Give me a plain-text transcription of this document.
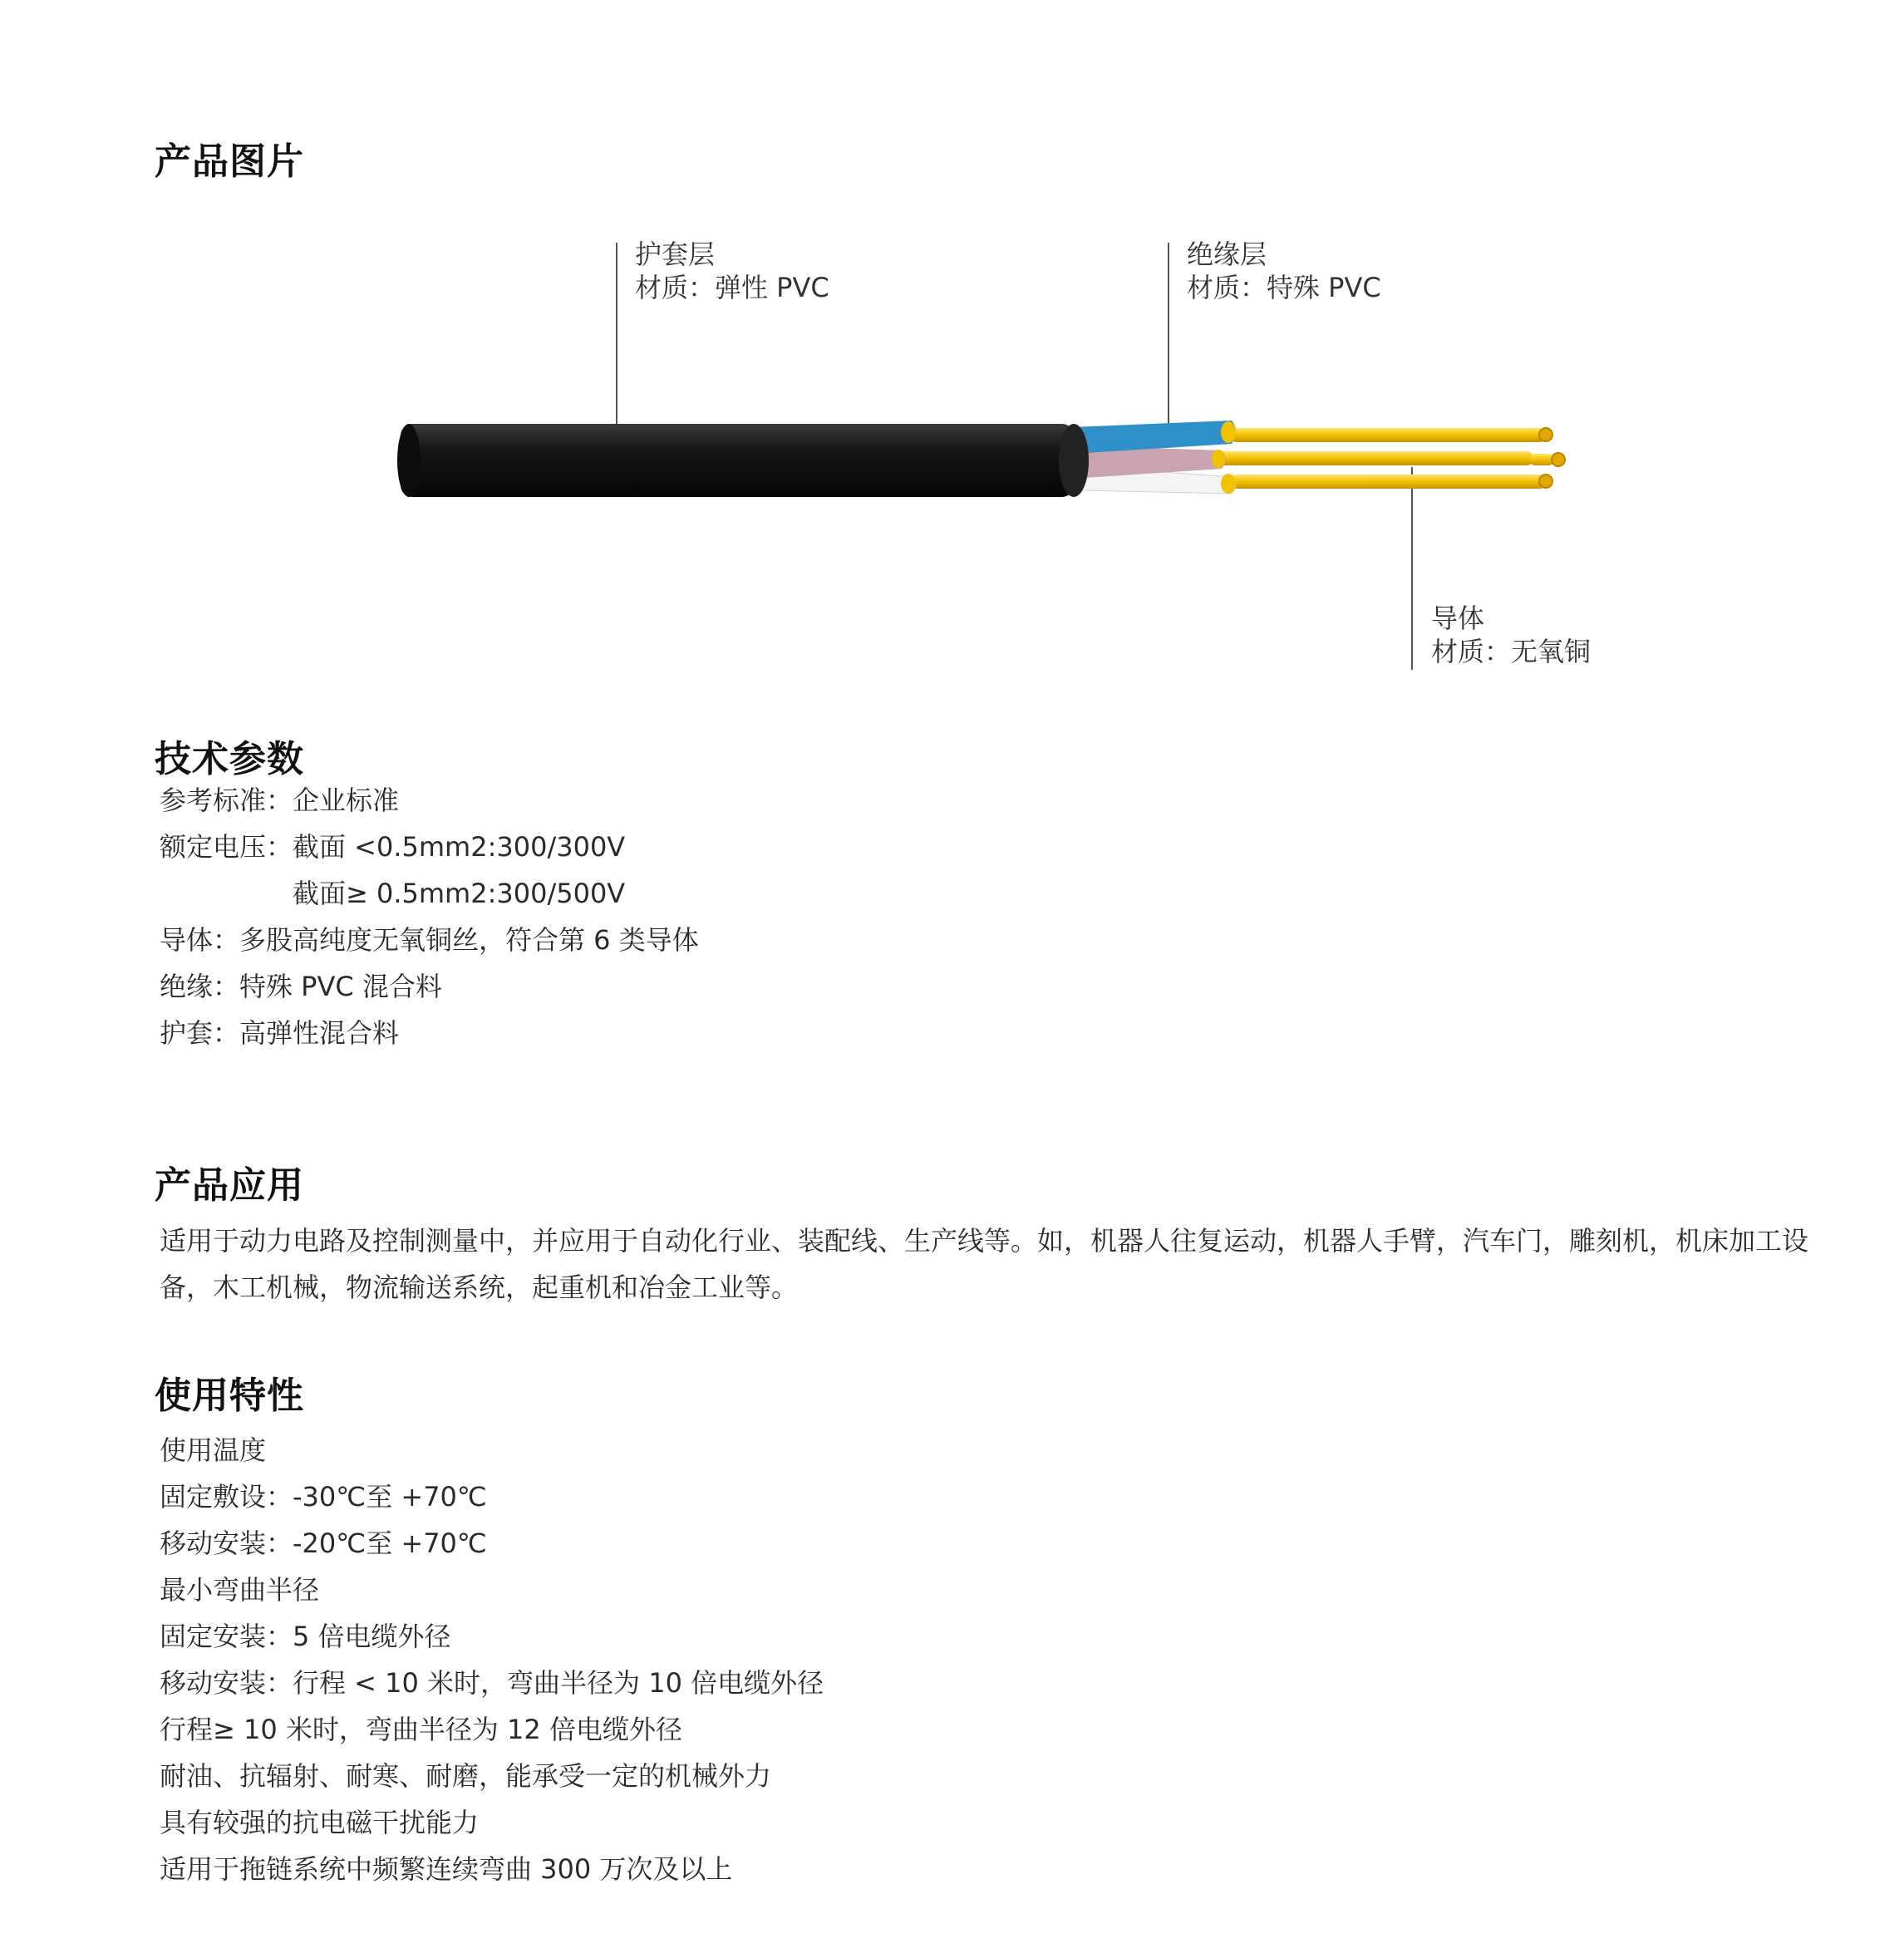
产品图片
护套层
材质：弹性 PVC
绝缘层
材质：特殊 PVC
导体
材质：无氧铜
技术参数
参考标准：企业标准
额定电压：截面 <0.5mm2:300/300V
截面≥ 0.5mm2:300/500V
导体：多股高纯度无氧铜丝，符合第 6 类导体
绝缘：特殊 PVC 混合料
护套：高弹性混合料
产品应用
适用于动力电路及控制测量中，并应用于自动化行业、装配线、生产线等。如，机器人往复运动，机器人手臂，汽车门，雕刻机，机床加工设备，木工机械，物流输送系统，起重机和冶金工业等。
使用特性
使用温度
固定敷设：-30℃至 +70℃
移动安装：-20℃至 +70℃
最小弯曲半径
固定安装：5 倍电缆外径
移动安装：行程 < 10 米时，弯曲半径为 10 倍电缆外径
行程≥ 10 米时，弯曲半径为 12 倍电缆外径
耐油、抗辐射、耐寒、耐磨，能承受一定的机械外力
具有较强的抗电磁干扰能力
适用于拖链系统中频繁连续弯曲 300 万次及以上
